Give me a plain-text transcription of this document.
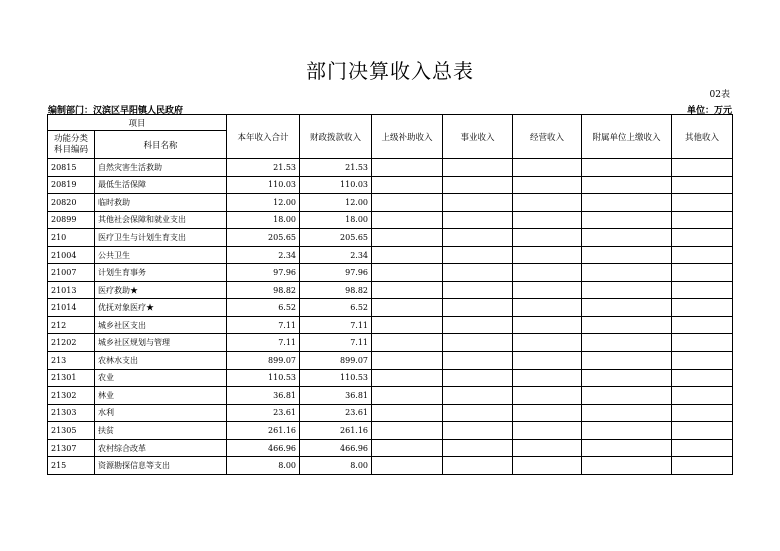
部门决算收入总表
02表
编制部门：汉滨区早阳镇人民政府	单位：万元
项目		本年收入合计	财政拨款收入	上级补助收入	事业收入	经营收入	附属单位上缴收入	其他收入

功能分类
科目编码	科目名称							
20815	自然灾害生活救助	21.53	21.53					
20819	最低生活保障	110.03	110.03					
20820	临时救助	12.00	12.00					
20899	其他社会保障和就业支出	18.00	18.00					
210	医疗卫生与计划生育支出	205.65	205.65					
21004	公共卫生	2.34	2.34					
21007	计划生育事务	97.96	97.96					
21013	医疗救助★	98.82	98.82					
21014	优抚对象医疗★	6.52	6.52					
212	城乡社区支出	7.11	7.11					
21202	城乡社区规划与管理	7.11	7.11					
213	农林水支出	899.07	899.07					
21301	农业	110.53	110.53					
21302	林业	36.81	36.81					
21303	水利	23.61	23.61					
21305	扶贫	261.16	261.16					
21307	农村综合改革	466.96	466.96					
215	资源勘探信息等支出	8.00	8.00					
